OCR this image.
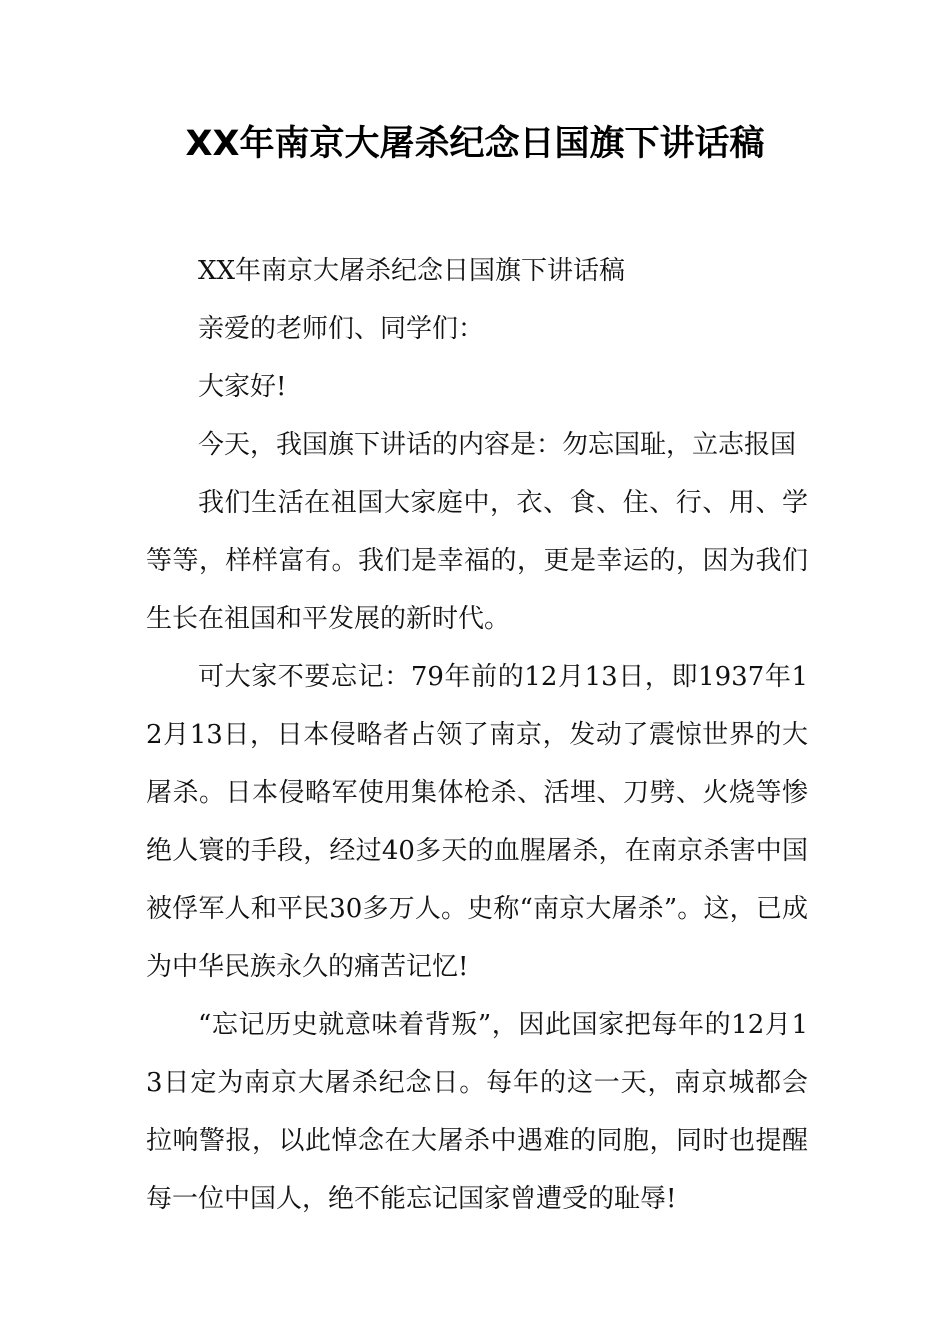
XX年南京大屠杀纪念日国旗下讲话稿

XX年南京大屠杀纪念日国旗下讲话稿

亲爱的老师们、同学们：

大家好!

今天，我国旗下讲话的内容是：勿忘国耻，立志报国

我们生活在祖国大家庭中，衣、食、住、行、用、学等等，样样富有。我们是幸福的，更是幸运的，因为我们生长在祖国和平发展的新时代。

可大家不要忘记：79年前的12月13日，即1937年12月13日，日本侵略者占领了南京，发动了震惊世界的大屠杀。日本侵略军使用集体枪杀、活埋、刀劈、火烧等惨绝人寰的手段，经过40多天的血腥屠杀，在南京杀害中国被俘军人和平民30多万人。史称“南京大屠杀”。这，已成为中华民族永久的痛苦记忆!

“忘记历史就意味着背叛”，因此国家把每年的12月13日定为南京大屠杀纪念日。每年的这一天，南京城都会拉响警报，以此悼念在大屠杀中遇难的同胞，同时也提醒每一位中国人，绝不能忘记国家曾遭受的耻辱!
